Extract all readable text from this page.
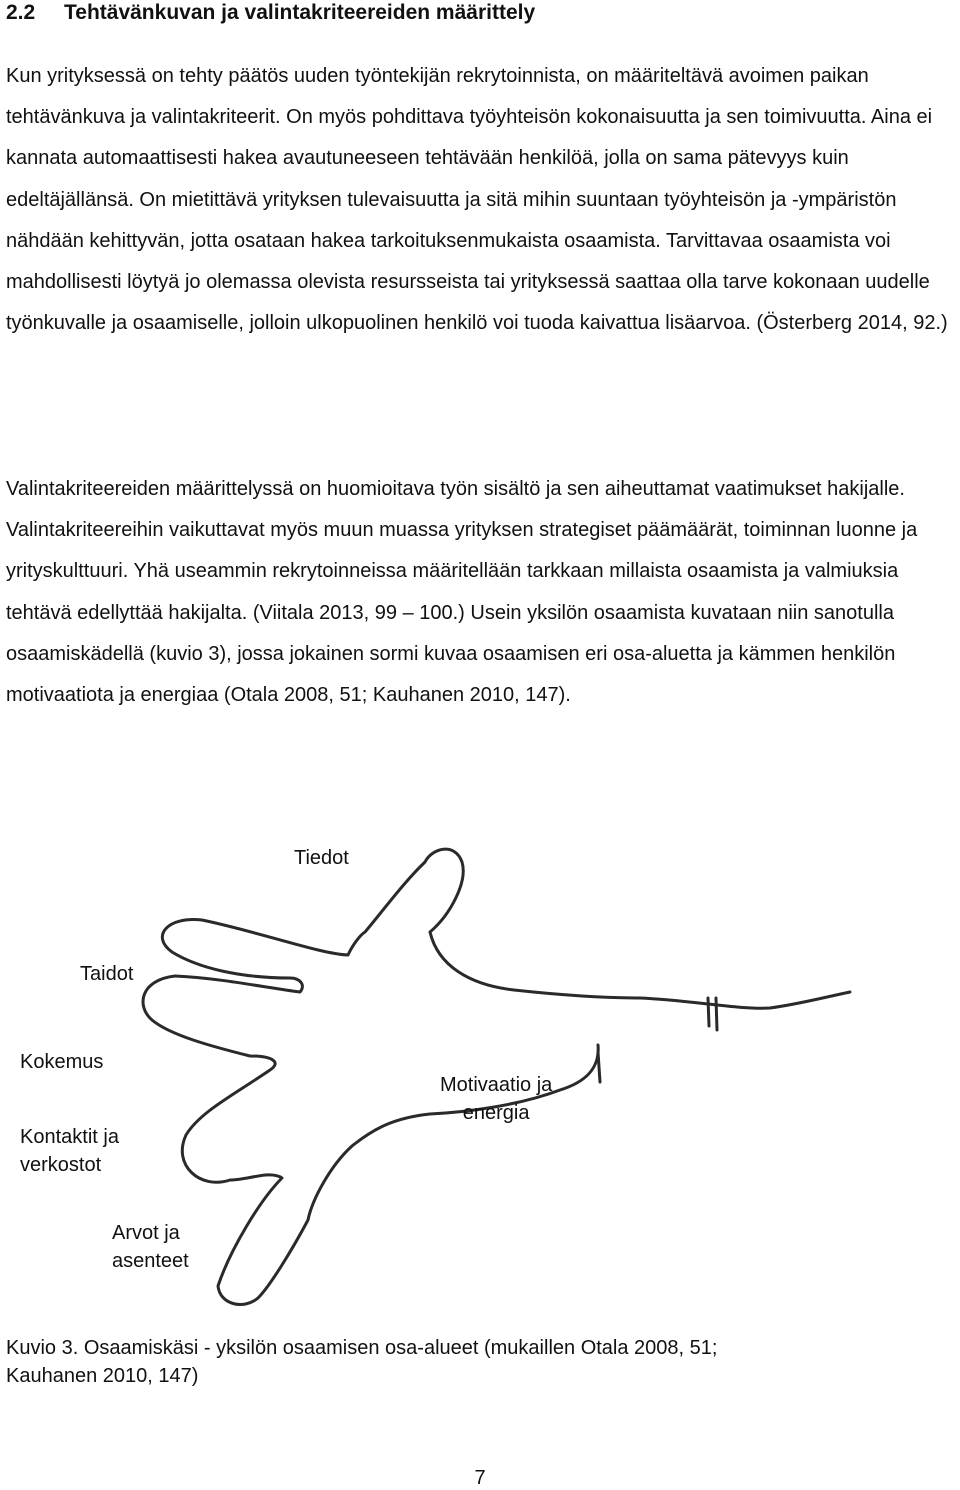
2.2 Tehtävänkuvan ja valintakriteereiden määrittely

Kun yrityksessä on tehty päätös uuden työntekijän rekrytoinnista, on määriteltävä avoimen paikan tehtävänkuva ja valintakriteerit. On myös pohdittava työyhteisön kokonaisuutta ja sen toimivuutta. Aina ei kannata automaattisesti hakea avautuneeseen tehtävään henkilöä, jolla on sama pätevyys kuin edeltäjällänsä. On mietittävä yrityksen tulevaisuutta ja sitä mihin suuntaan työyhteisön ja -ympäristön nähdään kehittyvän, jotta osataan hakea tarkoituksenmukaista osaamista. Tarvittavaa osaamista voi mahdollisesti löytyä jo olemassa olevista resursseista tai yrityksessä saattaa olla tarve kokonaan uudelle työnkuvalle ja osaamiselle, jolloin ulkopuolinen henkilö voi tuoda kaivattua lisäarvoa. (Österberg 2014, 92.)

Valintakriteereiden määrittelyssä on huomioitava työn sisältö ja sen aiheuttamat vaatimukset hakijalle. Valintakriteereihin vaikuttavat myös muun muassa yrityksen strategiset päämäärät, toiminnan luonne ja yrityskulttuuri. Yhä useammin rekrytoinneissa määritellään tarkkaan millaista osaamista ja valmiuksia tehtävä edellyttää hakijalta. (Viitala 2013, 99 – 100.) Usein yksilön osaamista kuvataan niin sanotulla osaamiskädellä (kuvio 3), jossa jokainen sormi kuvaa osaamisen eri osa-aluetta ja kämmen henkilön motivaatiota ja energiaa (Otala 2008, 51; Kauhanen 2010, 147).

Tiedot

Taidot

Kokemus

Kontaktit ja
verkostot
Arvot ja
asenteet
Motivaatio ja
energia
Kuvio 3. Osaamiskäsi - yksilön osaamisen osa-alueet (mukaillen Otala 2008, 51;
Kauhanen 2010, 147)

7
